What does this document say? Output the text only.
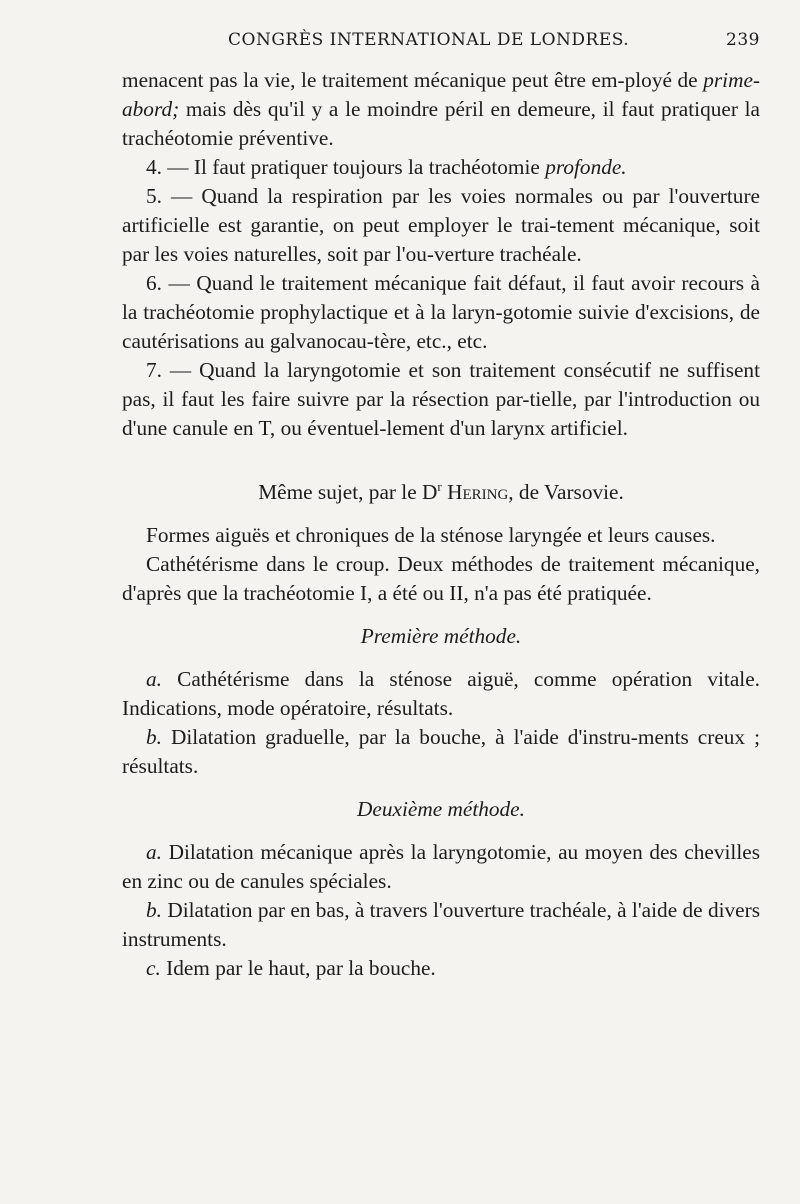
CONGRÈS INTERNATIONAL DE LONDRES.	239

menacent pas la vie, le traitement mécanique peut être em-ployé de prime-abord; mais dès qu'il y a le moindre péril en demeure, il faut pratiquer la trachéotomie préventive.

4. — Il faut pratiquer toujours la trachéotomie profonde.

5. — Quand la respiration par les voies normales ou par l'ouverture artificielle est garantie, on peut employer le trai-tement mécanique, soit par les voies naturelles, soit par l'ou-verture trachéale.

6. — Quand le traitement mécanique fait défaut, il faut avoir recours à la trachéotomie prophylactique et à la laryn-gotomie suivie d'excisions, de cautérisations au galvanocau-tère, etc., etc.

7. — Quand la laryngotomie et son traitement consécutif ne suffisent pas, il faut les faire suivre par la résection par-tielle, par l'introduction ou d'une canule en T, ou éventuel-lement d'un larynx artificiel.

Même sujet, par le $D^r$ Hering, de Varsovie.

Formes aiguës et chroniques de la sténose laryngée et leurs causes.

Cathétérisme dans le croup. Deux méthodes de traitement mécanique, d'après que la trachéotomie I, a été ou II, n'a pas été pratiquée.

Première méthode.

a. Cathétérisme dans la sténose aiguë, comme opération vitale. Indications, mode opératoire, résultats.

b. Dilatation graduelle, par la bouche, à l'aide d'instru-ments creux ; résultats.

Deuxième méthode.

a. Dilatation mécanique après la laryngotomie, au moyen des chevilles en zinc ou de canules spéciales.

b. Dilatation par en bas, à travers l'ouverture trachéale, à l'aide de divers instruments.

c. Idem par le haut, par la bouche.
